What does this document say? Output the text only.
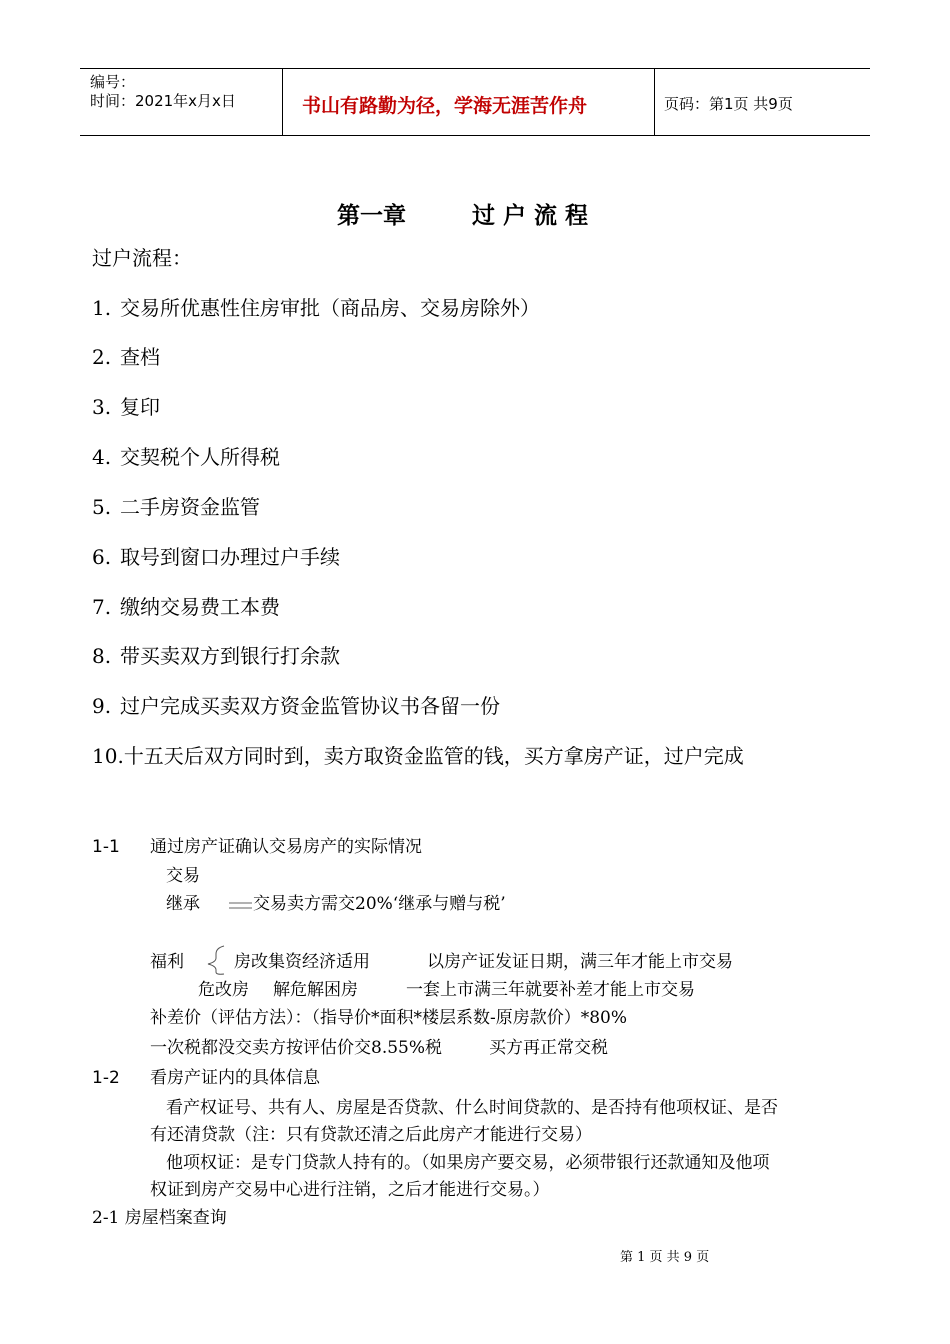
编号：
时间：2021年x月x日	书山有路勤为径，学海无涯苦作舟	页码：第1页 共9页
第一章	过 户 流 程
过户流程：
1. 交易所优惠性住房审批（商品房、交易房除外）
2. 查档
3. 复印
4. 交契税个人所得税
5. 二手房资金监管
6. 取号到窗口办理过户手续
7. 缴纳交易费工本费
8. 带买卖双方到银行打余款
9. 过户完成买卖双方资金监管协议书各留一份
10.十五天后双方同时到，卖方取资金监管的钱，买方拿房产证，过户完成
1-1 通过房产证确认交易房产的实际情况
交易
继承	交易卖方需交20%‘继承与赠与税’
福利	房改集资经济适用	以房产证发证日期，满三年才能上市交易
危改房 解危解困房	一套上市满三年就要补差才能上市交易
补差价（评估方法）：（指导价*面积*楼层系数-原房款价）*80%
一次税都没交卖方按评估价交8.55%税	买方再正常交税
1-2 看房产证内的具体信息
看产权证号、共有人、房屋是否贷款、什么时间贷款的、是否持有他项权证、是否
有还清贷款（注：只有贷款还清之后此房产才能进行交易）
他项权证：是专门贷款人持有的。（如果房产要交易，必须带银行还款通知及他项
权证到房产交易中心进行注销，之后才能进行交易。）
2-1 房屋档案查询
第 1 页 共 9 页
